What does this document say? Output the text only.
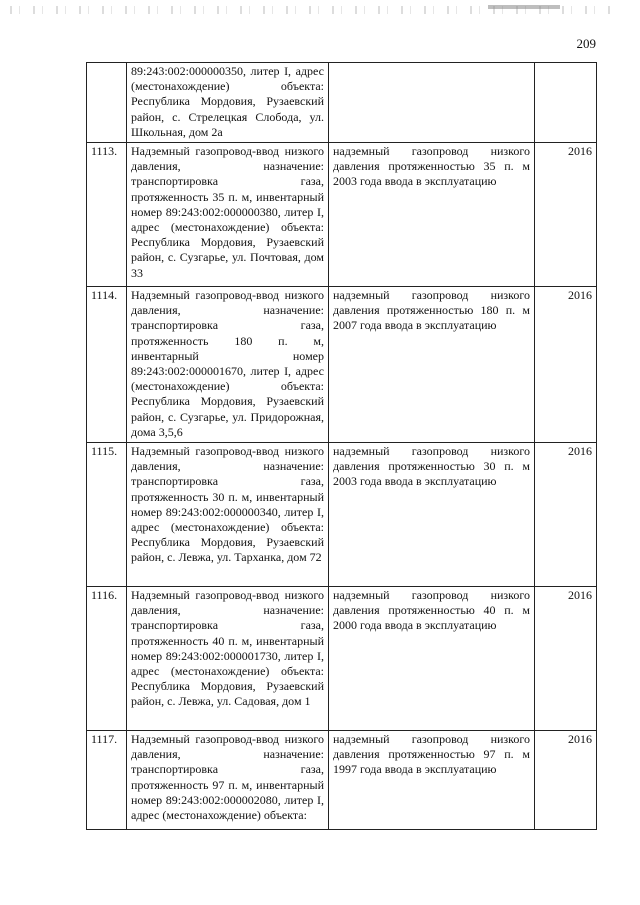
209
	89:243:002:000000350, литер I, адрес (местонахождение) объекта: Республика Мордовия, Рузаевский район, с. Стрелецкая Слобода, ул. Школьная, дом 2а		
1113.	Надземный газопровод-ввод низкого давления, назначение: транспортировка газа, протяженность 35 п. м, инвентарный номер 89:243:002:000000380, литер I, адрес (местонахождение) объекта: Республика Мордовия, Рузаевский район, с. Сузгарье, ул. Почтовая, дом 33	надземный газопровод низкого давления протяженностью 35 п. м 2003 года ввода в эксплуатацию	2016
1114.	Надземный газопровод-ввод низкого давления, назначение: транспортировка газа, протяженность 180 п. м, инвентарный номер 89:243:002:000001670, литер I, адрес (местонахождение) объекта: Республика Мордовия, Рузаевский район, с. Сузгарье, ул. Придорожная, дома 3,5,6	надземный газопровод низкого давления протяженностью 180 п. м 2007 года ввода в эксплуатацию	2016
1115.	Надземный газопровод-ввод низкого давления, назначение: транспортировка газа, протяженность 30 п. м, инвентарный номер 89:243:002:000000340, литер I, адрес (местонахождение) объекта: Республика Мордовия, Рузаевский район, с. Левжа, ул. Тарханка, дом 72	надземный газопровод низкого давления протяженностью 30 п. м 2003 года ввода в эксплуатацию	2016
1116.	Надземный газопровод-ввод низкого давления, назначение: транспортировка газа, протяженность 40 п. м, инвентарный номер 89:243:002:000001730, литер I, адрес (местонахождение) объекта: Республика Мордовия, Рузаевский район, с. Левжа, ул. Садовая, дом 1	надземный газопровод низкого давления протяженностью 40 п. м 2000 года ввода в эксплуатацию	2016
1117.	Надземный газопровод-ввод низкого давления, назначение: транспортировка газа, протяженность 97 п. м, инвентарный номер 89:243:002:000002080, литер I, адрес (местонахождение) объекта:	надземный газопровод низкого давления протяженностью 97 п. м 1997 года ввода в эксплуатацию	2016
